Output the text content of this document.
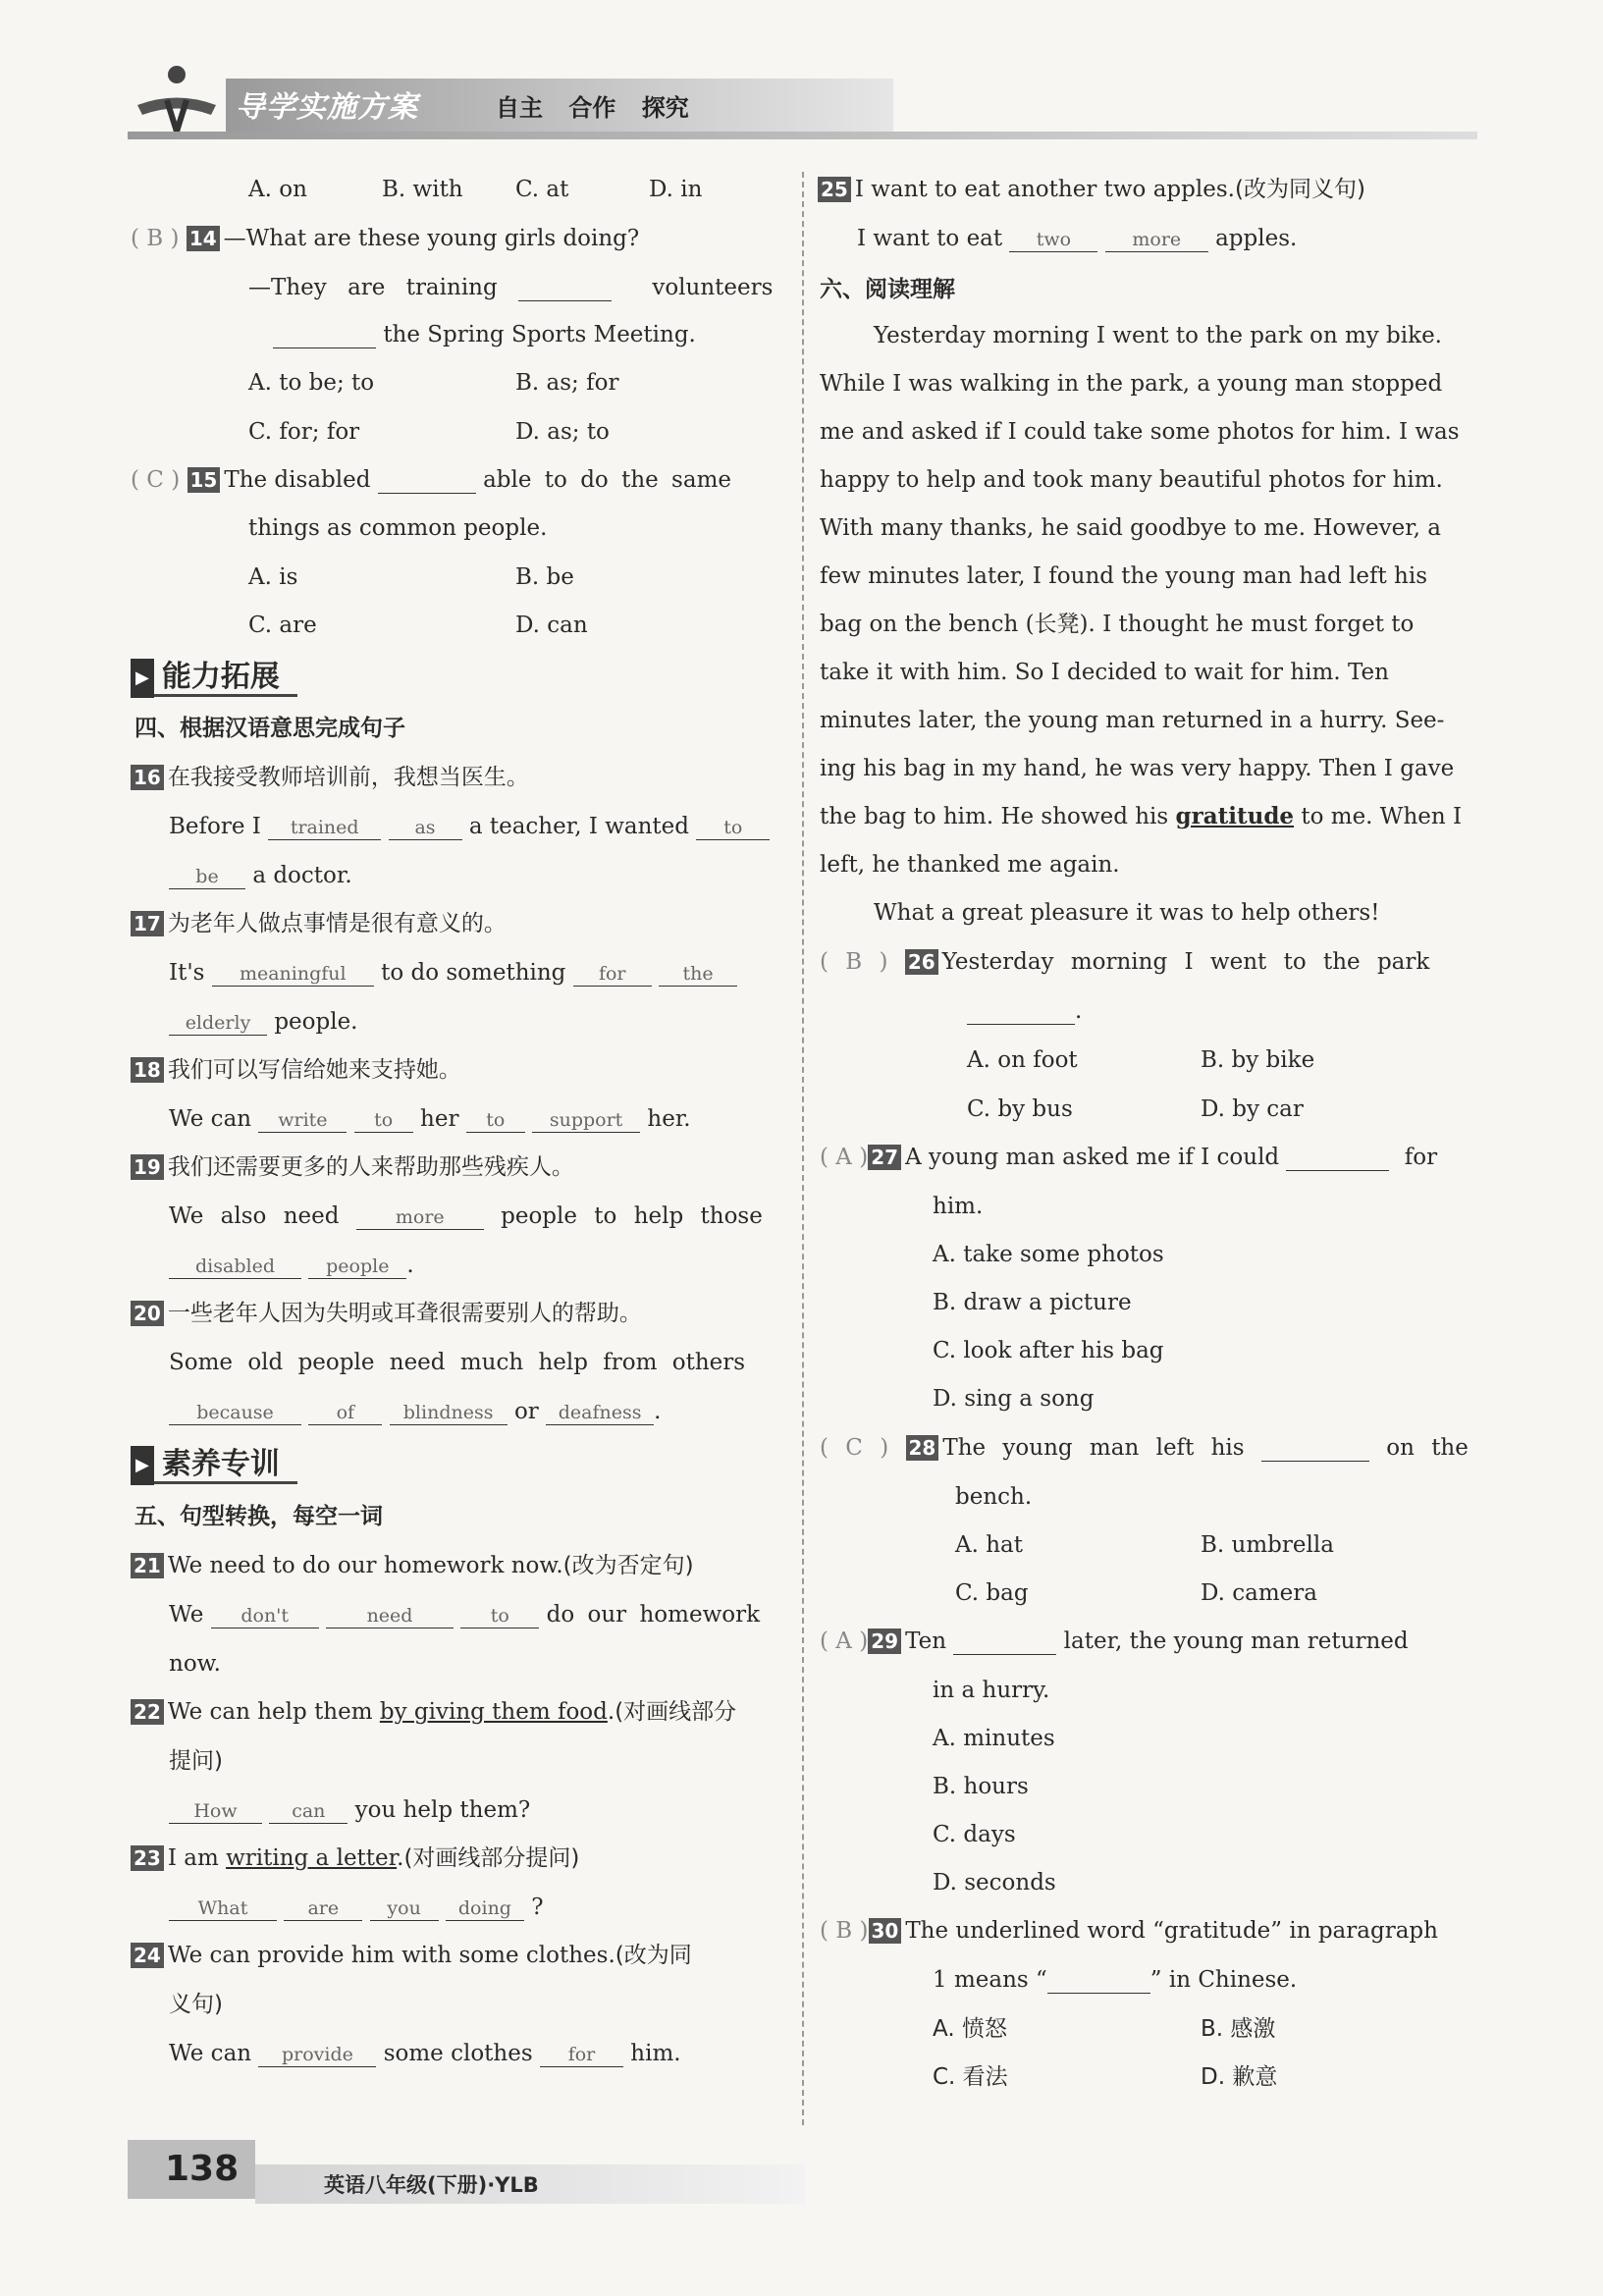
导学实施方案	自主 合作 探究
A. on	B. with C. at	D. in
( B ) 14 —What are these young girls doing?
—They are training	volunteers
the Spring Sports Meeting.
A. to be; to	B. as; for
C. for; for	D. as; to
( C ) 15 The disabled	able to do the same
things as common people.
A. is	B. be
C. are	D. can
▶ 能力拓展
四、根据汉语意思完成句子
16 在我接受教师培训前，我想当医生。
Before I trained	as a teacher, I wanted to
be a doctor.
17 为老年人做点事情是很有意义的。
It's meaningful to do something for	the
elderly people.
18 我们可以写信给她来支持她。
We can write	to her to support her.
19 我们还需要更多的人来帮助那些残疾人。
We also need	more people to help those
disabled	people .
20 一些老年人因为失明或耳聋很需要别人的帮助。
Some old people need much help from others
because	of	blindness or deafness .
▶ 素养专训
五、句型转换，每空一词
21 We need to do our homework now.(改为否定句)
We don't	need	to do our homework
now.
22 We can help them by giving them food.(对画线部分
提问)
How	can you help them?
23 I am writing a letter.(对画线部分提问)
What	are	you doing ?
24 We can provide him with some clothes.(改为同
义句)
We can provide some clothes for him.
25 I want to eat another two apples.(改为同义句)
I want to eat two	more apples.
六、阅读理解
Yesterday morning I went to the park on my bike.
While I was walking in the park, a young man stopped
me and asked if I could take some photos for him. I was
happy to help and took many beautiful photos for him.
With many thanks, he said goodbye to me. However, a
few minutes later, I found the young man had left his
bag on the bench (长凳). I thought he must forget to
take it with him. So I decided to wait for him. Ten
minutes later, the young man returned in a hurry. See-
ing his bag in my hand, he was very happy. Then I gave
the bag to him. He showed his gratitude to me. When I
left, he thanked me again.
What a great pleasure it was to help others!
( B ) 26 Yesterday morning I went to the park
.
A. on foot	B. by bike
C. by bus	D. by car
( A ) 27 A young man asked me if I could	for
him.
A. take some photos
B. draw a picture
C. look after his bag
D. sing a song
( C ) 28 The young man left his	on the
bench.
A. hat	B. umbrella
C. bag	D. camera
( A ) 29 Ten	later, the young man returned
in a hurry.
A. minutes
B. hours
C. days
D. seconds
( B ) 30 The underlined word “gratitude” in paragraph
1 means “	” in Chinese.
A. 愤怒	B. 感激
C. 看法	D. 歉意
138	英语八年级(下册)·YLB
